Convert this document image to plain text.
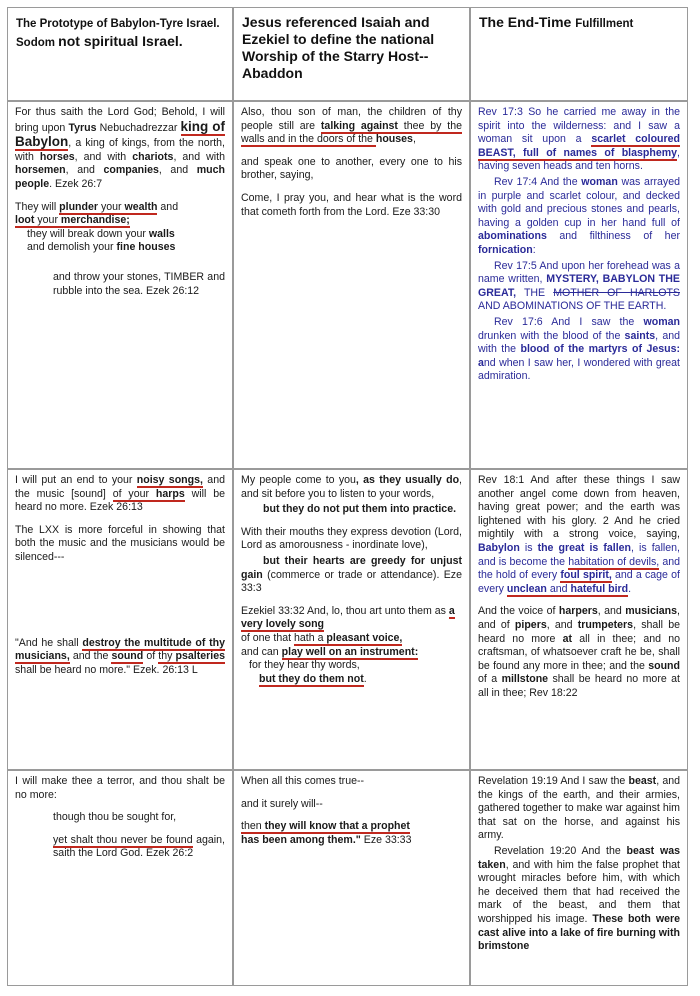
The Prototype of Babylon-Tyre Israel. Sodom not spiritual Israel.
Jesus referenced Isaiah and Ezekiel to define the national Worship of the Starry Host--Abaddon
The End-Time Fulfillment

For thus saith the Lord God; Behold, I will bring upon Tyrus Nebuchadrezzar king of Babylon, a king of kings, from the north, with horses, and with chariots, and with horsemen, and companies, and much people. Ezek 26:7

They will plunder your wealth and
loot your merchandise;
they will break down your walls
and demolish your fine houses

and throw your stones, TIMBER and rubble into the sea. Ezek 26:12

Also, thou son of man, the children of thy people still are talking against thee by the walls and in the doors of the houses,

and speak one to another, every one to his brother, saying,

Come, I pray you, and hear what is the word that cometh forth from the Lord. Eze 33:30

Rev 17:3 So he carried me away in the spirit into the wilderness: and I saw a woman sit upon a scarlet coloured BEAST, full of names of blasphemy, having seven heads and ten horns.

Rev 17:4 And the woman was arrayed in purple and scarlet colour, and decked with gold and precious stones and pearls, having a golden cup in her hand full of abominations and filthiness of her fornication:

Rev 17:5 And upon her forehead was a name written, MYSTERY, BABYLON THE GREAT, THE MOTHER OF HARLOTS AND ABOMINATIONS OF THE EARTH.

Rev 17:6 And I saw the woman drunken with the blood of the saints, and with the blood of the martyrs of Jesus: and when I saw her, I wondered with great admiration.

I will put an end to your noisy songs, and the music [sound] of your harps will be heard no more. Ezek 26:13

The LXX is more forceful in showing that both the music and the musicians would be silenced---

"And he shall destroy the multitude of thy musicians, and the sound of thy psalteries shall be heard no more." Ezek. 26:13 L

My people come to you, as they usually do, and sit before you to listen to your words,

but they do not put them into practice.

With their mouths they express devotion (Lord, Lord as amorousness - inordinate love),

but their hearts are greedy for unjust gain (commerce or trade or attendance). Eze 33:3

Ezekiel 33:32 And, lo, thou art unto them as a very lovely song
of one that hath a pleasant voice,
and can play well on an instrument:
for they hear thy words,
but they do them not.

Rev 18:1 And after these things I saw another angel come down from heaven, having great power; and the earth was lightened with his glory. 2 And he cried mightily with a strong voice, saying, Babylon is the great is fallen, is fallen, and is become the habitation of devils, and the hold of every foul spirit, and a cage of every unclean and hateful bird.

And the voice of harpers, and musicians, and of pipers, and trumpeters, shall be heard no more at all in thee; and no craftsman, of whatsoever craft he be, shall be found any more in thee; and the sound of a millstone shall be heard no more at all in thee; Rev 18:22

I will make thee a terror, and thou shalt be no more:

though thou be sought for,

yet shalt thou never be found again, saith the Lord God. Ezek 26:2

When all this comes true--

and it surely will--

then they will know that a prophet
has been among them." Eze 33:33

Revelation 19:19 And I saw the beast, and the kings of the earth, and their armies, gathered together to make war against him that sat on the horse, and against his army.

Revelation 19:20 And the beast was taken, and with him the false prophet that wrought miracles before him, with which he deceived them that had received the mark of the beast, and them that worshipped his image. These both were cast alive into a lake of fire burning with brimstone
